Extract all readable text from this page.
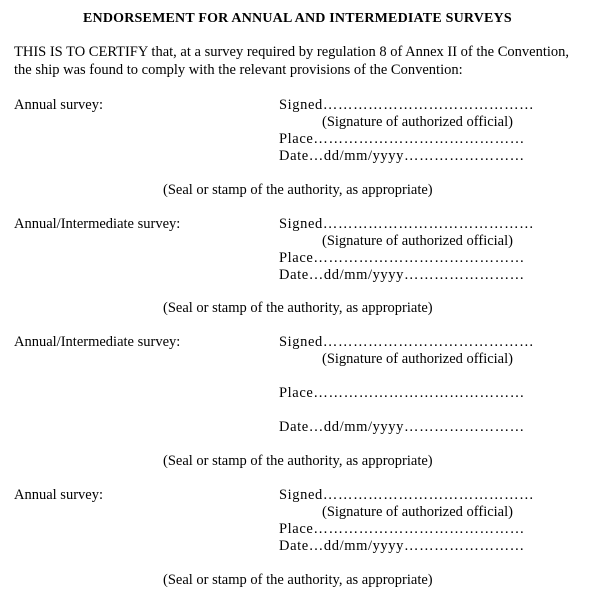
ENDORSEMENT FOR ANNUAL AND INTERMEDIATE SURVEYS
THIS IS TO CERTIFY that, at a survey required by regulation 8 of Annex II of the Convention,
the ship was found to comply with the relevant provisions of the Convention:
Annual survey:	Signed……………………………………
(Signature of authorized official)
Place……………………………………
Date…dd/mm/yyyy……………………
(Seal or stamp of the authority, as appropriate)
Annual/Intermediate survey:	Signed……………………………………
(Signature of authorized official)
Place……………………………………
Date…dd/mm/yyyy……………………
(Seal or stamp of the authority, as appropriate)
Annual/Intermediate survey:	Signed……………………………………
(Signature of authorized official)
Place……………………………………
Date…dd/mm/yyyy……………………
(Seal or stamp of the authority, as appropriate)
Annual survey:	Signed……………………………………
(Signature of authorized official)
Place……………………………………
Date…dd/mm/yyyy……………………
(Seal or stamp of the authority, as appropriate)
